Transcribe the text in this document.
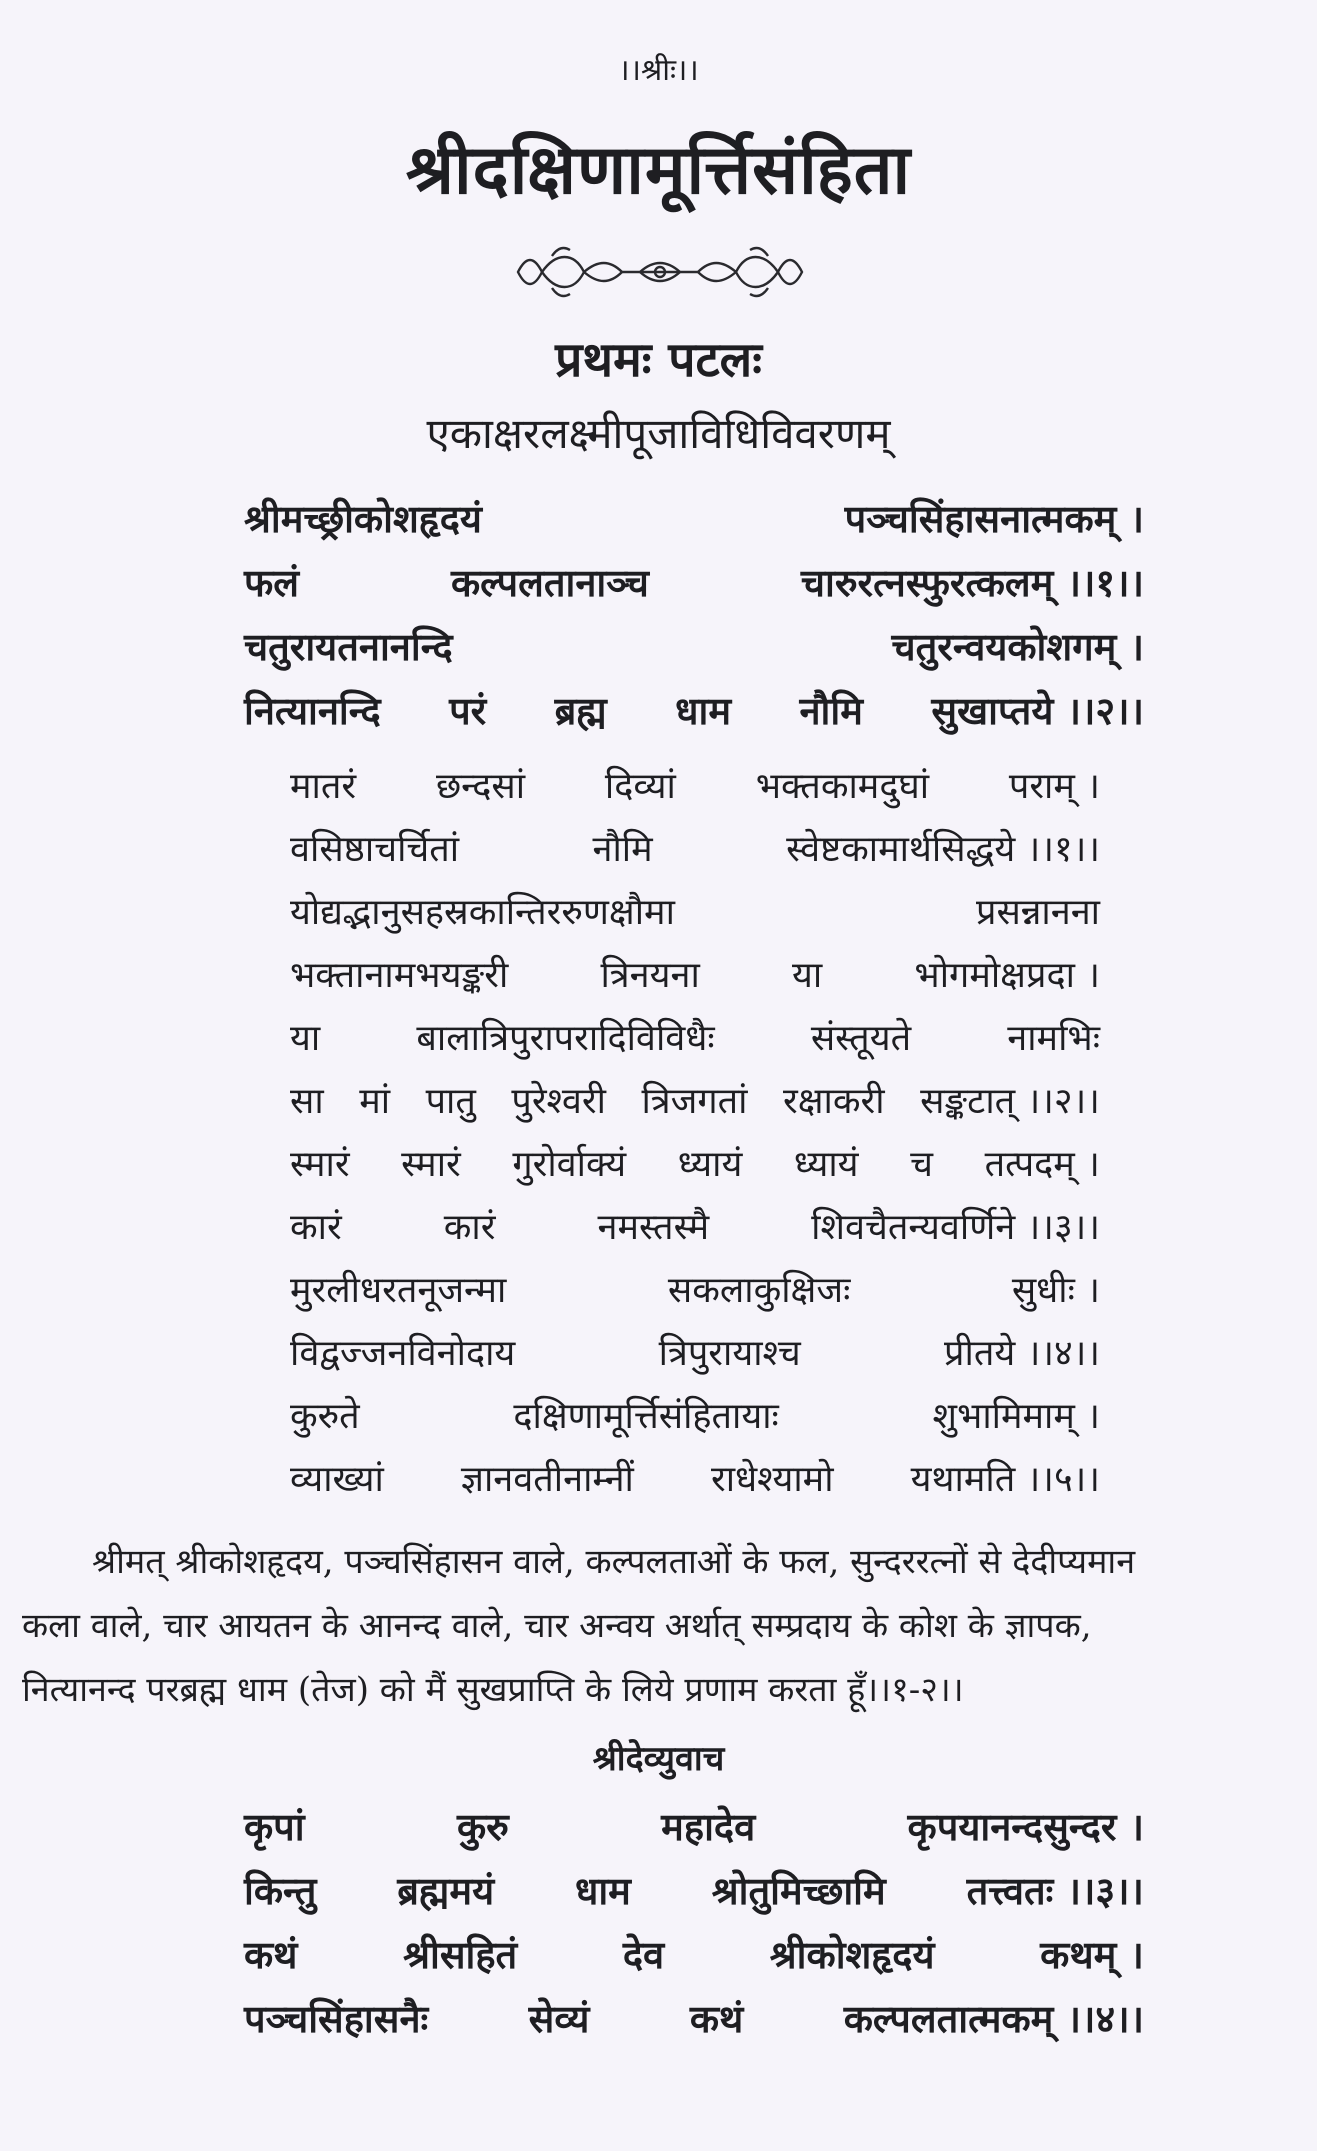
।।श्रीः।।
श्रीदक्षिणामूर्त्तिसंहिता
प्रथमः पटलः
एकाक्षरलक्ष्मीपूजाविधिविवरणम्
श्रीमच्छ्रीकोशहृदयं	पञ्चसिंहासनात्मकम् ।
फलं	कल्पलतानाञ्च	चारुरत्नस्फुरत्कलम् ।।१।।
चतुरायतनानन्दि	चतुरन्वयकोशगम् ।
नित्यानन्दि परं ब्रह्म धाम नौमि सुखाप्तये ।।२।।
मातरं छन्दसां दिव्यां भक्तकामदुघां पराम् ।
वसिष्ठाचर्चितां	नौमि	स्वेष्टकामार्थसिद्धये ।।१।।
योद्यद्भानुसहस्रकान्तिररुणक्षौमा	प्रसन्नानना
भक्तानामभयङ्करी	त्रिनयना	या	भोगमोक्षप्रदा ।
या	बालात्रिपुरापरादिविविधैः	संस्तूयते	नामभिः
सा मां पातु पुरेश्वरी त्रिजगतां रक्षाकरी सङ्कटात् ।।२।।
स्मारं स्मारं गुरोर्वाक्यं ध्यायं ध्यायं च तत्पदम् ।
कारं	कारं	नमस्तस्मै	शिवचैतन्यवर्णिने ।।३।।
मुरलीधरतनूजन्मा	सकलाकुक्षिजः	सुधीः ।
विद्वज्जनविनोदाय	त्रिपुरायाश्च	प्रीतये ।।४।।
कुरुते	दक्षिणामूर्त्तिसंहितायाः	शुभामिमाम् ।
व्याख्यां ज्ञानवतीनाम्नीं राधेश्यामो यथामति ।।५।।
श्रीमत् श्रीकोशहृदय, पञ्चसिंहासन वाले, कल्पलताओं के फल, सुन्दररत्नों से देदीप्यमान
कला वाले, चार आयतन के आनन्द वाले, चार अन्वय अर्थात् सम्प्रदाय के कोश के ज्ञापक,
नित्यानन्द परब्रह्म धाम (तेज) को मैं सुखप्राप्ति के लिये प्रणाम करता हूँ।।१-२।।
श्रीदेव्युवाच
कृपां	कुरु	महादेव	कृपयानन्दसुन्दर ।
किन्तु ब्रह्ममयं धाम श्रोतुमिच्छामि तत्त्वतः ।।३।।
कथं	श्रीसहितं	देव	श्रीकोशहृदयं	कथम् ।
पञ्चसिंहासनैः	सेव्यं	कथं	कल्पलतात्मकम् ।।४।।
